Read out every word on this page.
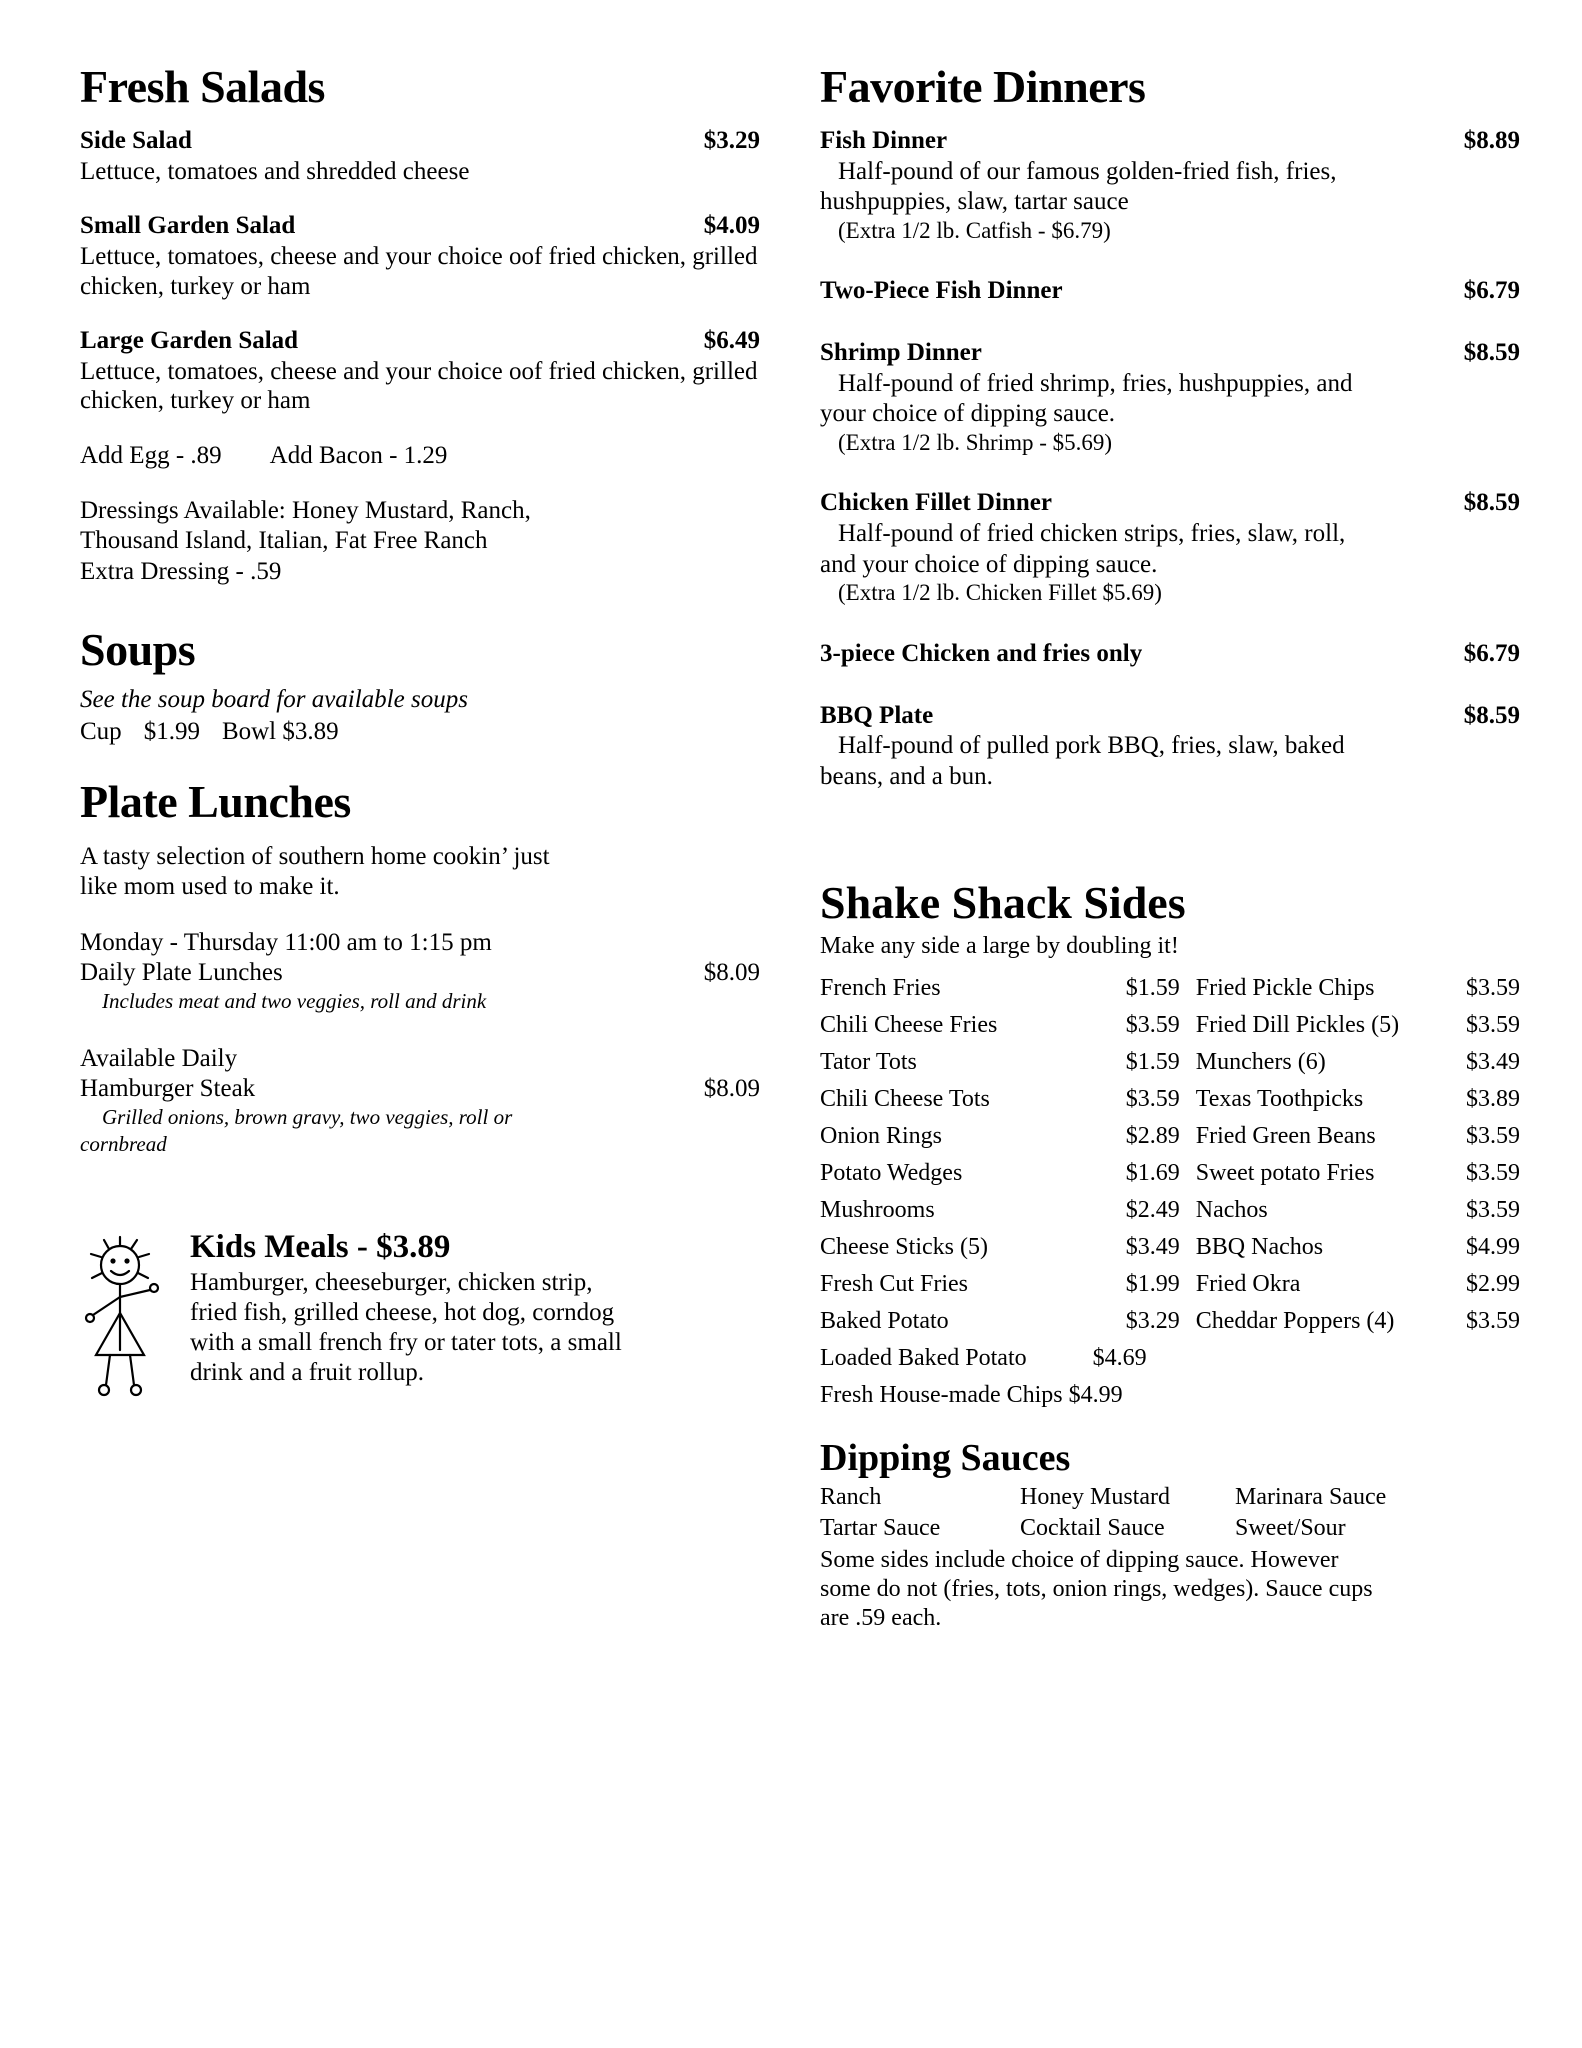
Fresh Salads
Side Salad	$3.29
Lettuce, tomatoes and shredded cheese
Small Garden Salad	$4.09
Lettuce, tomatoes, cheese and your choice oof fried chicken, grilled chicken, turkey or ham
Large Garden Salad	$6.49
Lettuce, tomatoes, cheese and your choice oof fried chicken, grilled chicken, turkey or ham
Add Egg - .89 Add Bacon - 1.29
Dressings Available: Honey Mustard, Ranch,
Thousand Island, Italian, Fat Free Ranch
Extra Dressing - .59
Soups
See the soup board for available soups
Cup $1.99 Bowl $3.89
Plate Lunches
A tasty selection of southern home cookin’ just
like mom used to make it.
Monday - Thursday 11:00 am to 1:15 pm
Daily Plate Lunches	$8.09
Includes meat and two veggies, roll and drink
Available Daily
Hamburger Steak	$8.09
Grilled onions, brown gravy, two veggies, roll or
cornbread
Kids Meals - $3.89
Hamburger, cheeseburger, chicken strip,
fried fish, grilled cheese, hot dog, corndog
with a small french fry or tater tots, a small
drink and a fruit rollup.
Favorite Dinners
Fish Dinner	$8.89
Half-pound of our famous golden-fried fish, fries,
hushpuppies, slaw, tartar sauce
(Extra 1/2 lb. Catfish - $6.79)
Two-Piece Fish Dinner	$6.79
Shrimp Dinner	$8.59
Half-pound of fried shrimp, fries, hushpuppies, and
your choice of dipping sauce.
(Extra 1/2 lb. Shrimp - $5.69)
Chicken Fillet Dinner	$8.59
Half-pound of fried chicken strips, fries, slaw, roll,
and your choice of dipping sauce.
(Extra 1/2 lb. Chicken Fillet $5.69)
3-piece Chicken and fries only	$6.79
BBQ Plate	$8.59
Half-pound of pulled pork BBQ, fries, slaw, baked
beans, and a bun.
Shake Shack Sides
Make any side a large by doubling it!
French Fries	$1.59	Fried Pickle Chips	$3.59
Chili Cheese Fries	$3.59	Fried Dill Pickles (5)	$3.59
Tator Tots	$1.59	Munchers (6)	$3.49
Chili Cheese Tots	$3.59	Texas Toothpicks	$3.89
Onion Rings	$2.89	Fried Green Beans	$3.59
Potato Wedges	$1.69	Sweet potato Fries	$3.59
Mushrooms	$2.49	Nachos	$3.59
Cheese Sticks (5)	$3.49	BBQ Nachos	$4.99
Fresh Cut Fries	$1.99	Fried Okra	$2.99
Baked Potato	$3.29	Cheddar Poppers (4)	$3.59
Loaded Baked Potato	$4.69		
Fresh House-made Chips	$4.99		
Dipping Sauces
Ranch	Honey Mustard	Marinara Sauce
Tartar Sauce	Cocktail Sauce	Sweet/Sour
Some sides include choice of dipping sauce. However
some do not (fries, tots, onion rings, wedges). Sauce cups
are .59 each.
